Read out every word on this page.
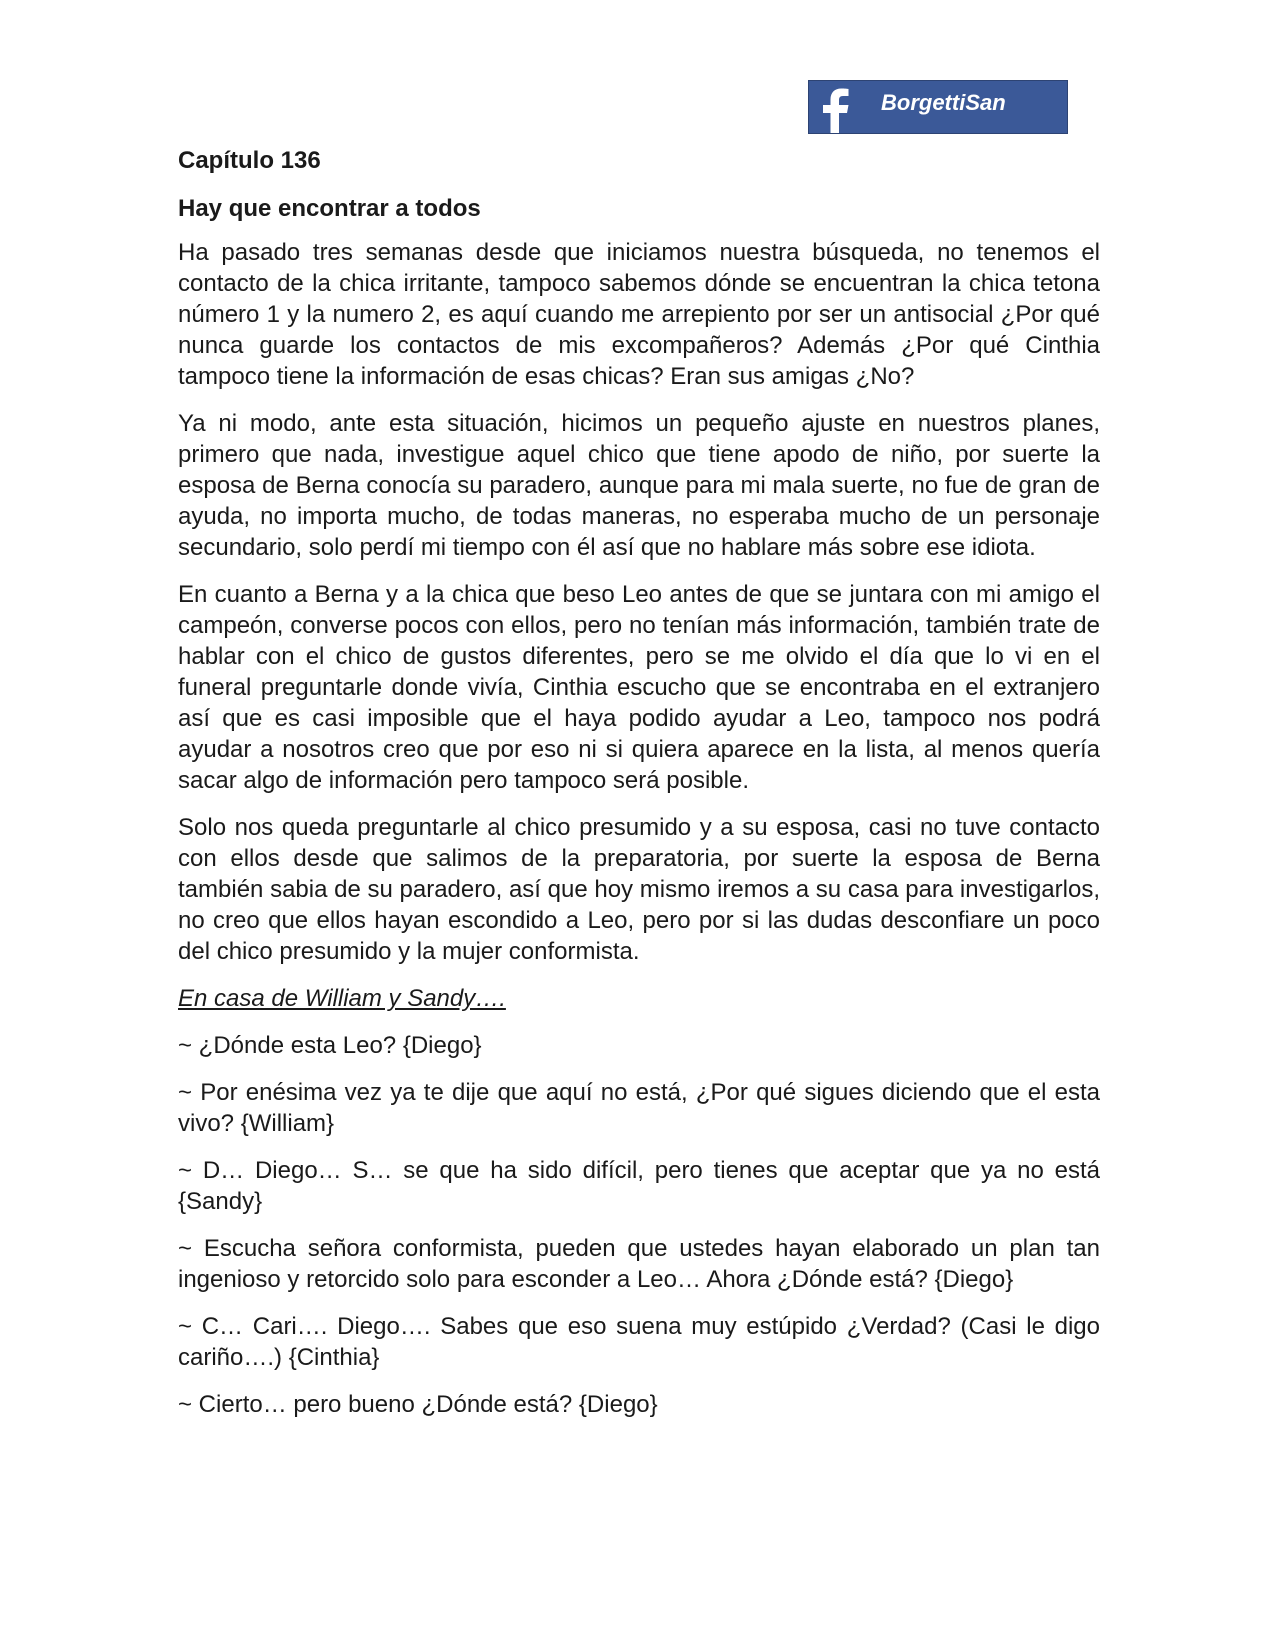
BorgettiSan
Capítulo 136
Hay que encontrar a todos

Ha pasado tres semanas desde que iniciamos nuestra búsqueda, no tenemos el contacto de la chica irritante, tampoco sabemos dónde se encuentran la chica tetona número 1 y la numero 2, es aquí cuando me arrepiento por ser un antisocial ¿Por qué nunca guarde los contactos de mis excompañeros? Además ¿Por qué Cinthia tampoco tiene la información de esas chicas? Eran sus amigas ¿No?

Ya ni modo, ante esta situación, hicimos un pequeño ajuste en nuestros planes, primero que nada, investigue aquel chico que tiene apodo de niño, por suerte la esposa de Berna conocía su paradero, aunque para mi mala suerte, no fue de gran de ayuda, no importa mucho, de todas maneras, no esperaba mucho de un personaje secundario, solo perdí mi tiempo con él así que no hablare más sobre ese idiota.

En cuanto a Berna y a la chica que beso Leo antes de que se juntara con mi amigo el campeón, converse pocos con ellos, pero no tenían más información, también trate de hablar con el chico de gustos diferentes, pero se me olvido el día que lo vi en el funeral preguntarle donde vivía, Cinthia escucho que se encontraba en el extranjero así que es casi imposible que el haya podido ayudar a Leo, tampoco nos podrá ayudar a nosotros creo que por eso ni si quiera aparece en la lista, al menos quería sacar algo de información pero tampoco será posible.

Solo nos queda preguntarle al chico presumido y a su esposa, casi no tuve contacto con ellos desde que salimos de la preparatoria, por suerte la esposa de Berna también sabia de su paradero, así que hoy mismo iremos a su casa para investigarlos, no creo que ellos hayan escondido a Leo, pero por si las dudas desconfiare un poco del chico presumido y la mujer conformista.

En casa de William y Sandy….

~ ¿Dónde esta Leo? {Diego}

~ Por enésima vez ya te dije que aquí no está, ¿Por qué sigues diciendo que el esta vivo? {William}

~ D… Diego… S… se que ha sido difícil, pero tienes que aceptar que ya no está {Sandy}

~ Escucha señora conformista, pueden que ustedes hayan elaborado un plan tan ingenioso y retorcido solo para esconder a Leo… Ahora ¿Dónde está? {Diego}

~ C… Cari…. Diego…. Sabes que eso suena muy estúpido ¿Verdad? (Casi le digo cariño….) {Cinthia}

~ Cierto… pero bueno ¿Dónde está? {Diego}
